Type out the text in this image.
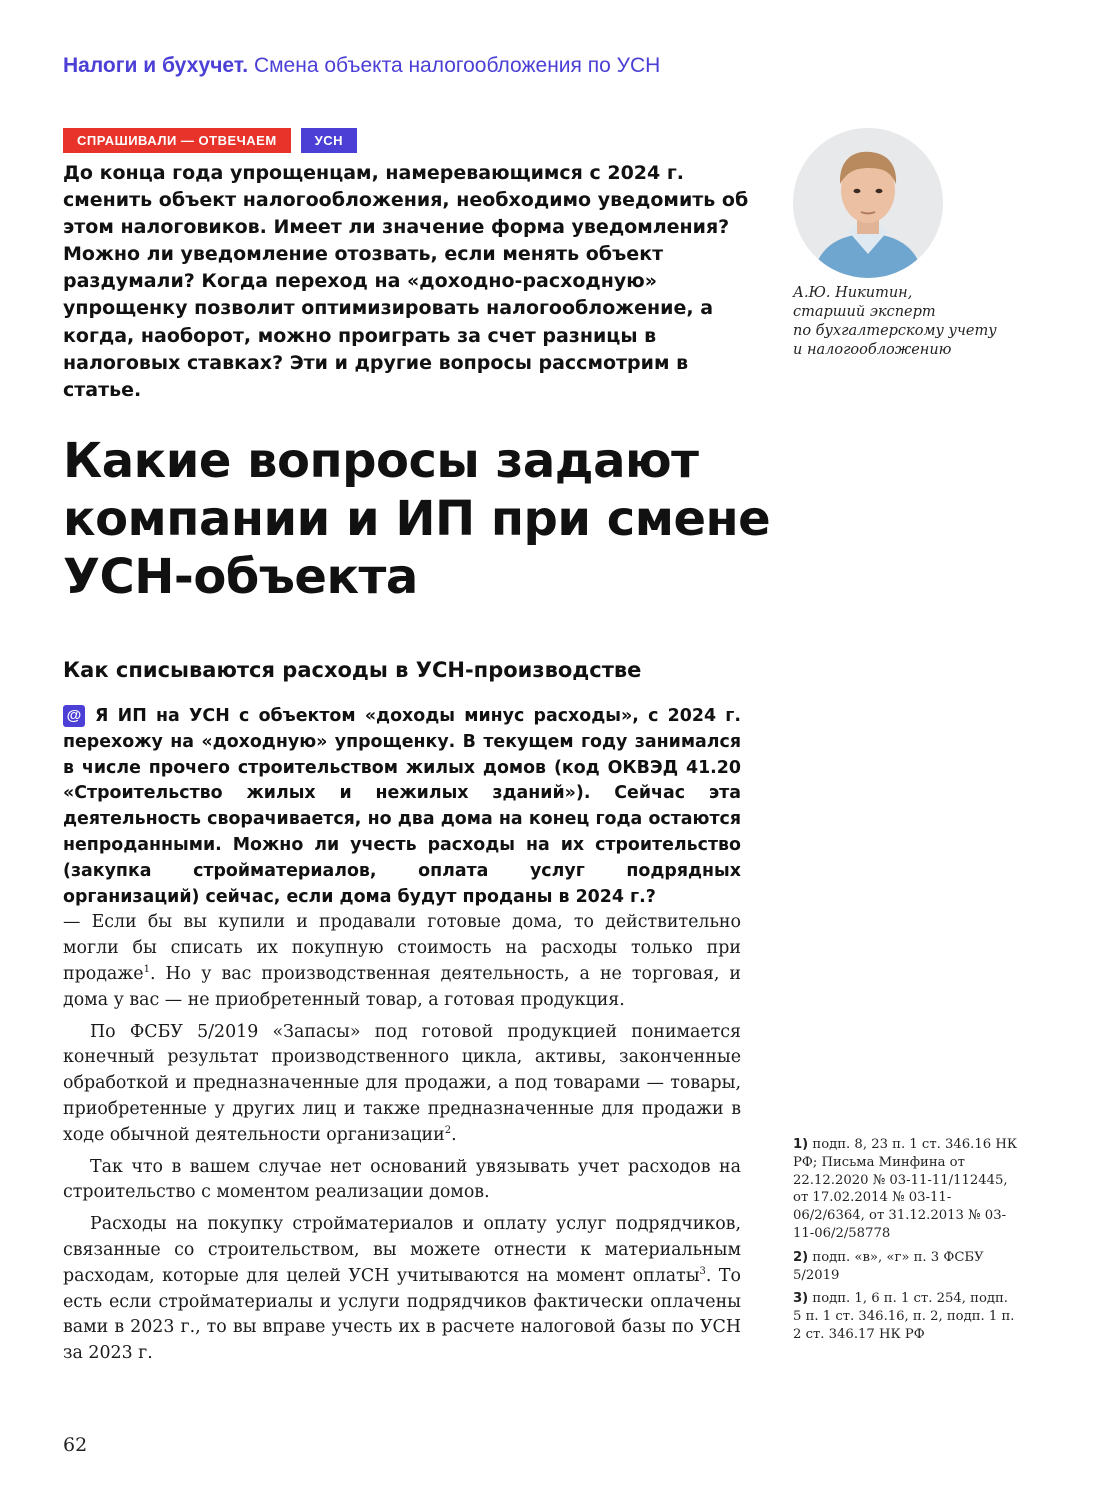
Налоги и бухучет. Смена объекта налогообложения по УСН
СПРАШИВАЛИ — ОТВЕЧАЕМ	УСН

До конца года упрощенцам, намеревающимся с 2024 г. сменить объект налогообложения, необходимо уведомить об этом налоговиков. Имеет ли значение форма уведомления? Можно ли уведомление отозвать, если менять объект раздумали? Когда переход на «доходно-расходную» упрощенку позволит оптимизировать налогообложение, а когда, наоборот, можно проиграть за счет разницы в налоговых ставках? Эти и другие вопросы рассмотрим в статье.

А.Ю. Никитин,
старший эксперт
по бухгалтерскому учету
и налогообложению
Какие вопросы задают компании и ИП при смене УСН-объекта
Как списываются расходы в УСН-производстве

@ Я ИП на УСН с объектом «доходы минус расходы», с 2024 г. перехожу на «доходную» упрощенку. В текущем году занимался в числе прочего строительством жилых домов (код ОКВЭД 41.20 «Строительство жилых и нежилых зданий»). Сейчас эта деятельность сворачивается, но два дома на конец года остаются непроданными. Можно ли учесть расходы на их строительство (закупка стройматериалов, оплата услуг подрядных организаций) сейчас, если дома будут проданы в 2024 г.?

— Если бы вы купили и продавали готовые дома, то действительно могли бы списать их покупную стоимость на расходы только при продаже$^1$. Но у вас производственная деятельность, а не торговая, и дома у вас — не приобретенный товар, а готовая продукция.

По ФСБУ 5/2019 «Запасы» под готовой продукцией понимается конечный результат производственного цикла, активы, законченные обработкой и предназначенные для продажи, а под товарами — товары, приобретенные у других лиц и также предназначенные для продажи в ходе обычной деятельности организации$^2$.

Так что в вашем случае нет оснований увязывать учет расходов на строительство с моментом реализации домов.

Расходы на покупку стройматериалов и оплату услуг подрядчиков, связанные со строительством, вы можете отнести к материальным расходам, которые для целей УСН учитываются на момент оплаты$^3$. То есть если стройматериалы и услуги подрядчиков фактически оплачены вами в 2023 г., то вы вправе учесть их в расчете налоговой базы по УСН за 2023 г.

1) подп. 8, 23 п. 1 ст. 346.16 НК РФ; Письма Минфина от 22.12.2020 № 03-11-11/112445, от 17.02.2014 № 03-11-06/2/6364, от 31.12.2013 № 03-11-06/2/58778

2) подп. «в», «г» п. 3 ФСБУ 5/2019

3) подп. 1, 6 п. 1 ст. 254, подп. 5 п. 1 ст. 346.16, п. 2, подп. 1 п. 2 ст. 346.17 НК РФ

62
